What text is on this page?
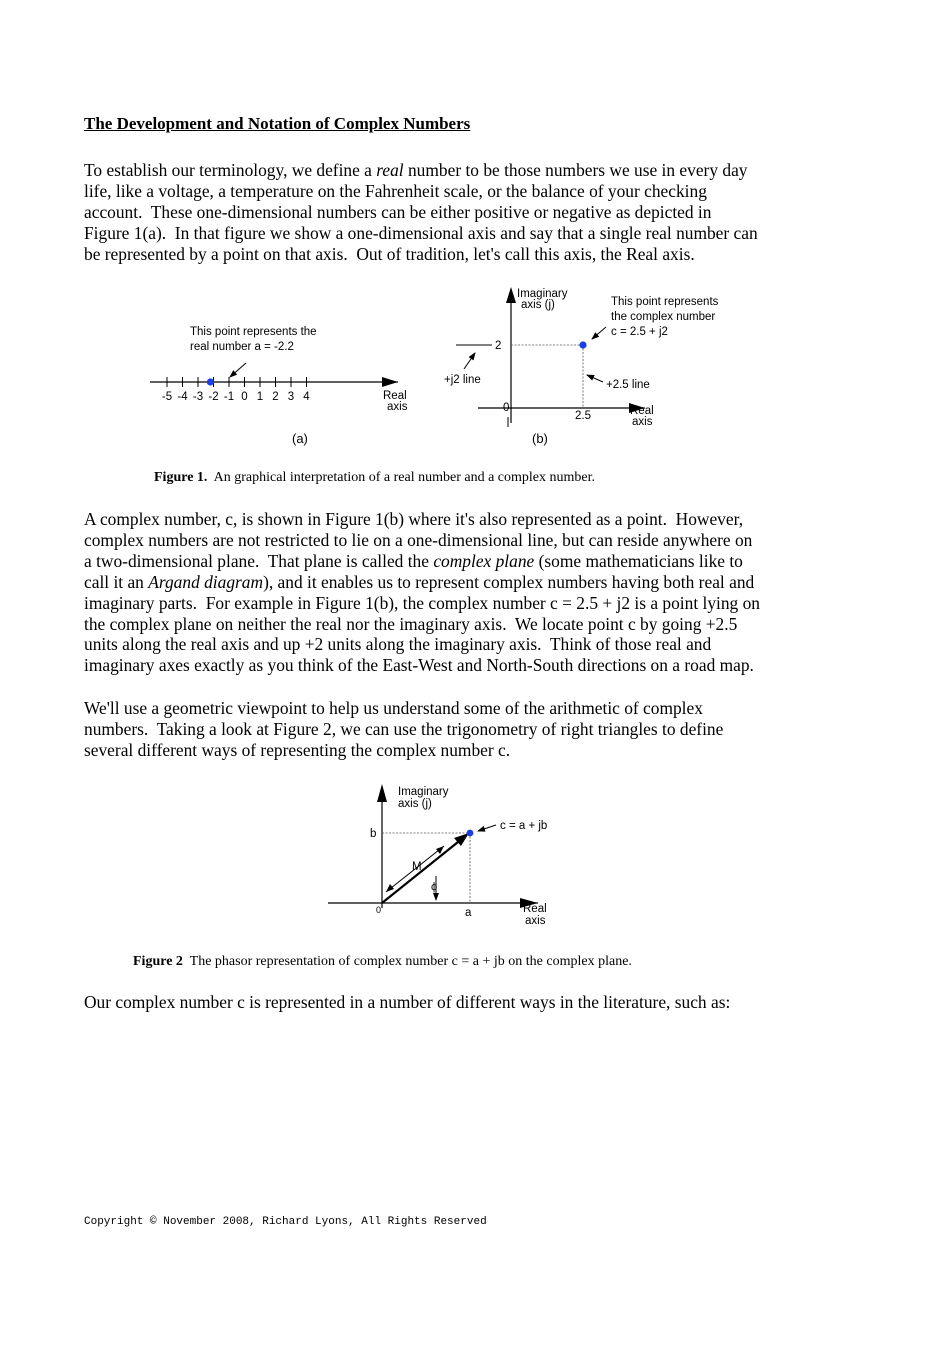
The Development and Notation of Complex Numbers
To establish our terminology, we define a real number to be those numbers we use in every day
life, like a voltage, a temperature on the Fahrenheit scale, or the balance of your checking
account.  These one-dimensional numbers can be either positive or negative as depicted in
Figure 1(a).  In that figure we show a one-dimensional axis and say that a single real number can
be represented by a point on that axis.  Out of tradition, let's call this axis, the Real axis.
This point represents the
real number a = -2.2
-5 -4 -3 -2 -1 0 1 2 3 4	Real
axis
(a)
Imaginary
axis (j)
2
0
2.5
This point represents
the complex number
c = 2.5 + j2
+j2 line	+2.5 line
Real
axis
(b)
Figure 1.  An graphical interpretation of a real number and a complex number.
A complex number, c, is shown in Figure 1(b) where it's also represented as a point.  However,
complex numbers are not restricted to lie on a one-dimensional line, but can reside anywhere on
a two-dimensional plane.  That plane is called the complex plane (some mathematicians like to
call it an Argand diagram), and it enables us to represent complex numbers having both real and
imaginary parts.  For example in Figure 1(b), the complex number c = 2.5 + j2 is a point lying on
the complex plane on neither the real nor the imaginary axis.  We locate point c by going +2.5
units along the real axis and up +2 units along the imaginary axis.  Think of those real and
imaginary axes exactly as you think of the East-West and North-South directions on a road map.
We'll use a geometric viewpoint to help us understand some of the arithmetic of complex
numbers.  Taking a look at Figure 2, we can use the trigonometry of right triangles to define
several different ways of representing the complex number c.
Imaginary
axis (j)
Real
axis
b
a
0
M
ϕ
c = a + jb
Figure 2  The phasor representation of complex number c = a + jb on the complex plane.
Our complex number c is represented in a number of different ways in the literature, such as:
Copyright © November 2008, Richard Lyons, All Rights Reserved
